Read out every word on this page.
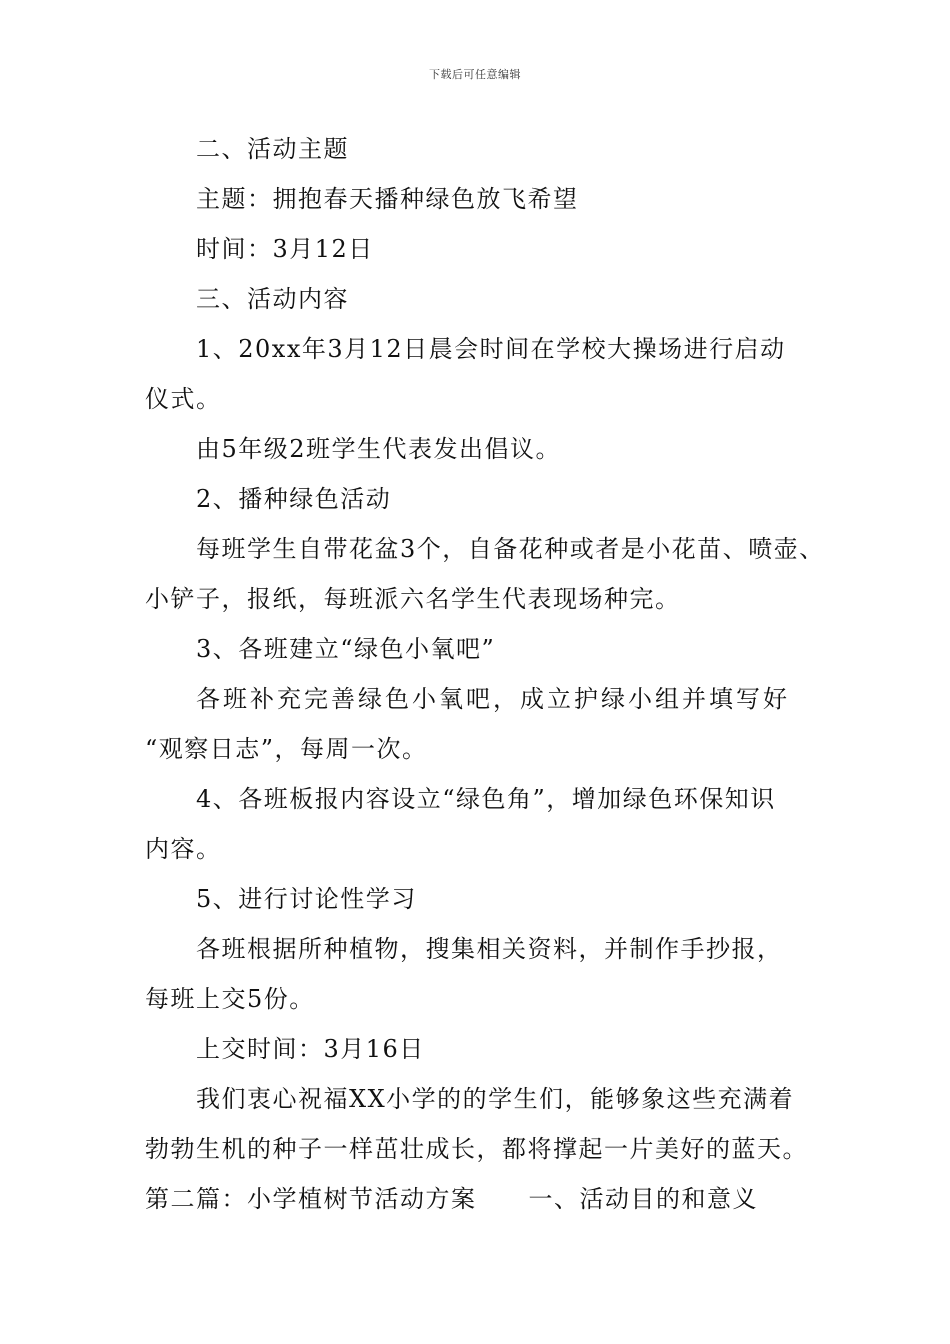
下载后可任意编辑
二、活动主题
主题：拥抱春天播种绿色放飞希望
时间：3月12日
三、活动内容
1、20xx年3月12日晨会时间在学校大操场进行启动
仪式。
由5年级2班学生代表发出倡议。
2、播种绿色活动
每班学生自带花盆3个，自备花种或者是小花苗、喷壶、
小铲子，报纸，每班派六名学生代表现场种完。
3、各班建立“绿色小氧吧”
各班补充完善绿色小氧吧，成立护绿小组并填写好
“观察日志”，每周一次。
4、各班板报内容设立“绿色角”，增加绿色环保知识
内容。
5、进行讨论性学习
各班根据所种植物，搜集相关资料，并制作手抄报，
每班上交5份。
上交时间：3月16日
我们衷心祝福XX小学的的学生们，能够象这些充满着
勃勃生机的种子一样茁壮成长，都将撑起一片美好的蓝天。
第二篇：小学植树节活动方案 一、活动目的和意义
